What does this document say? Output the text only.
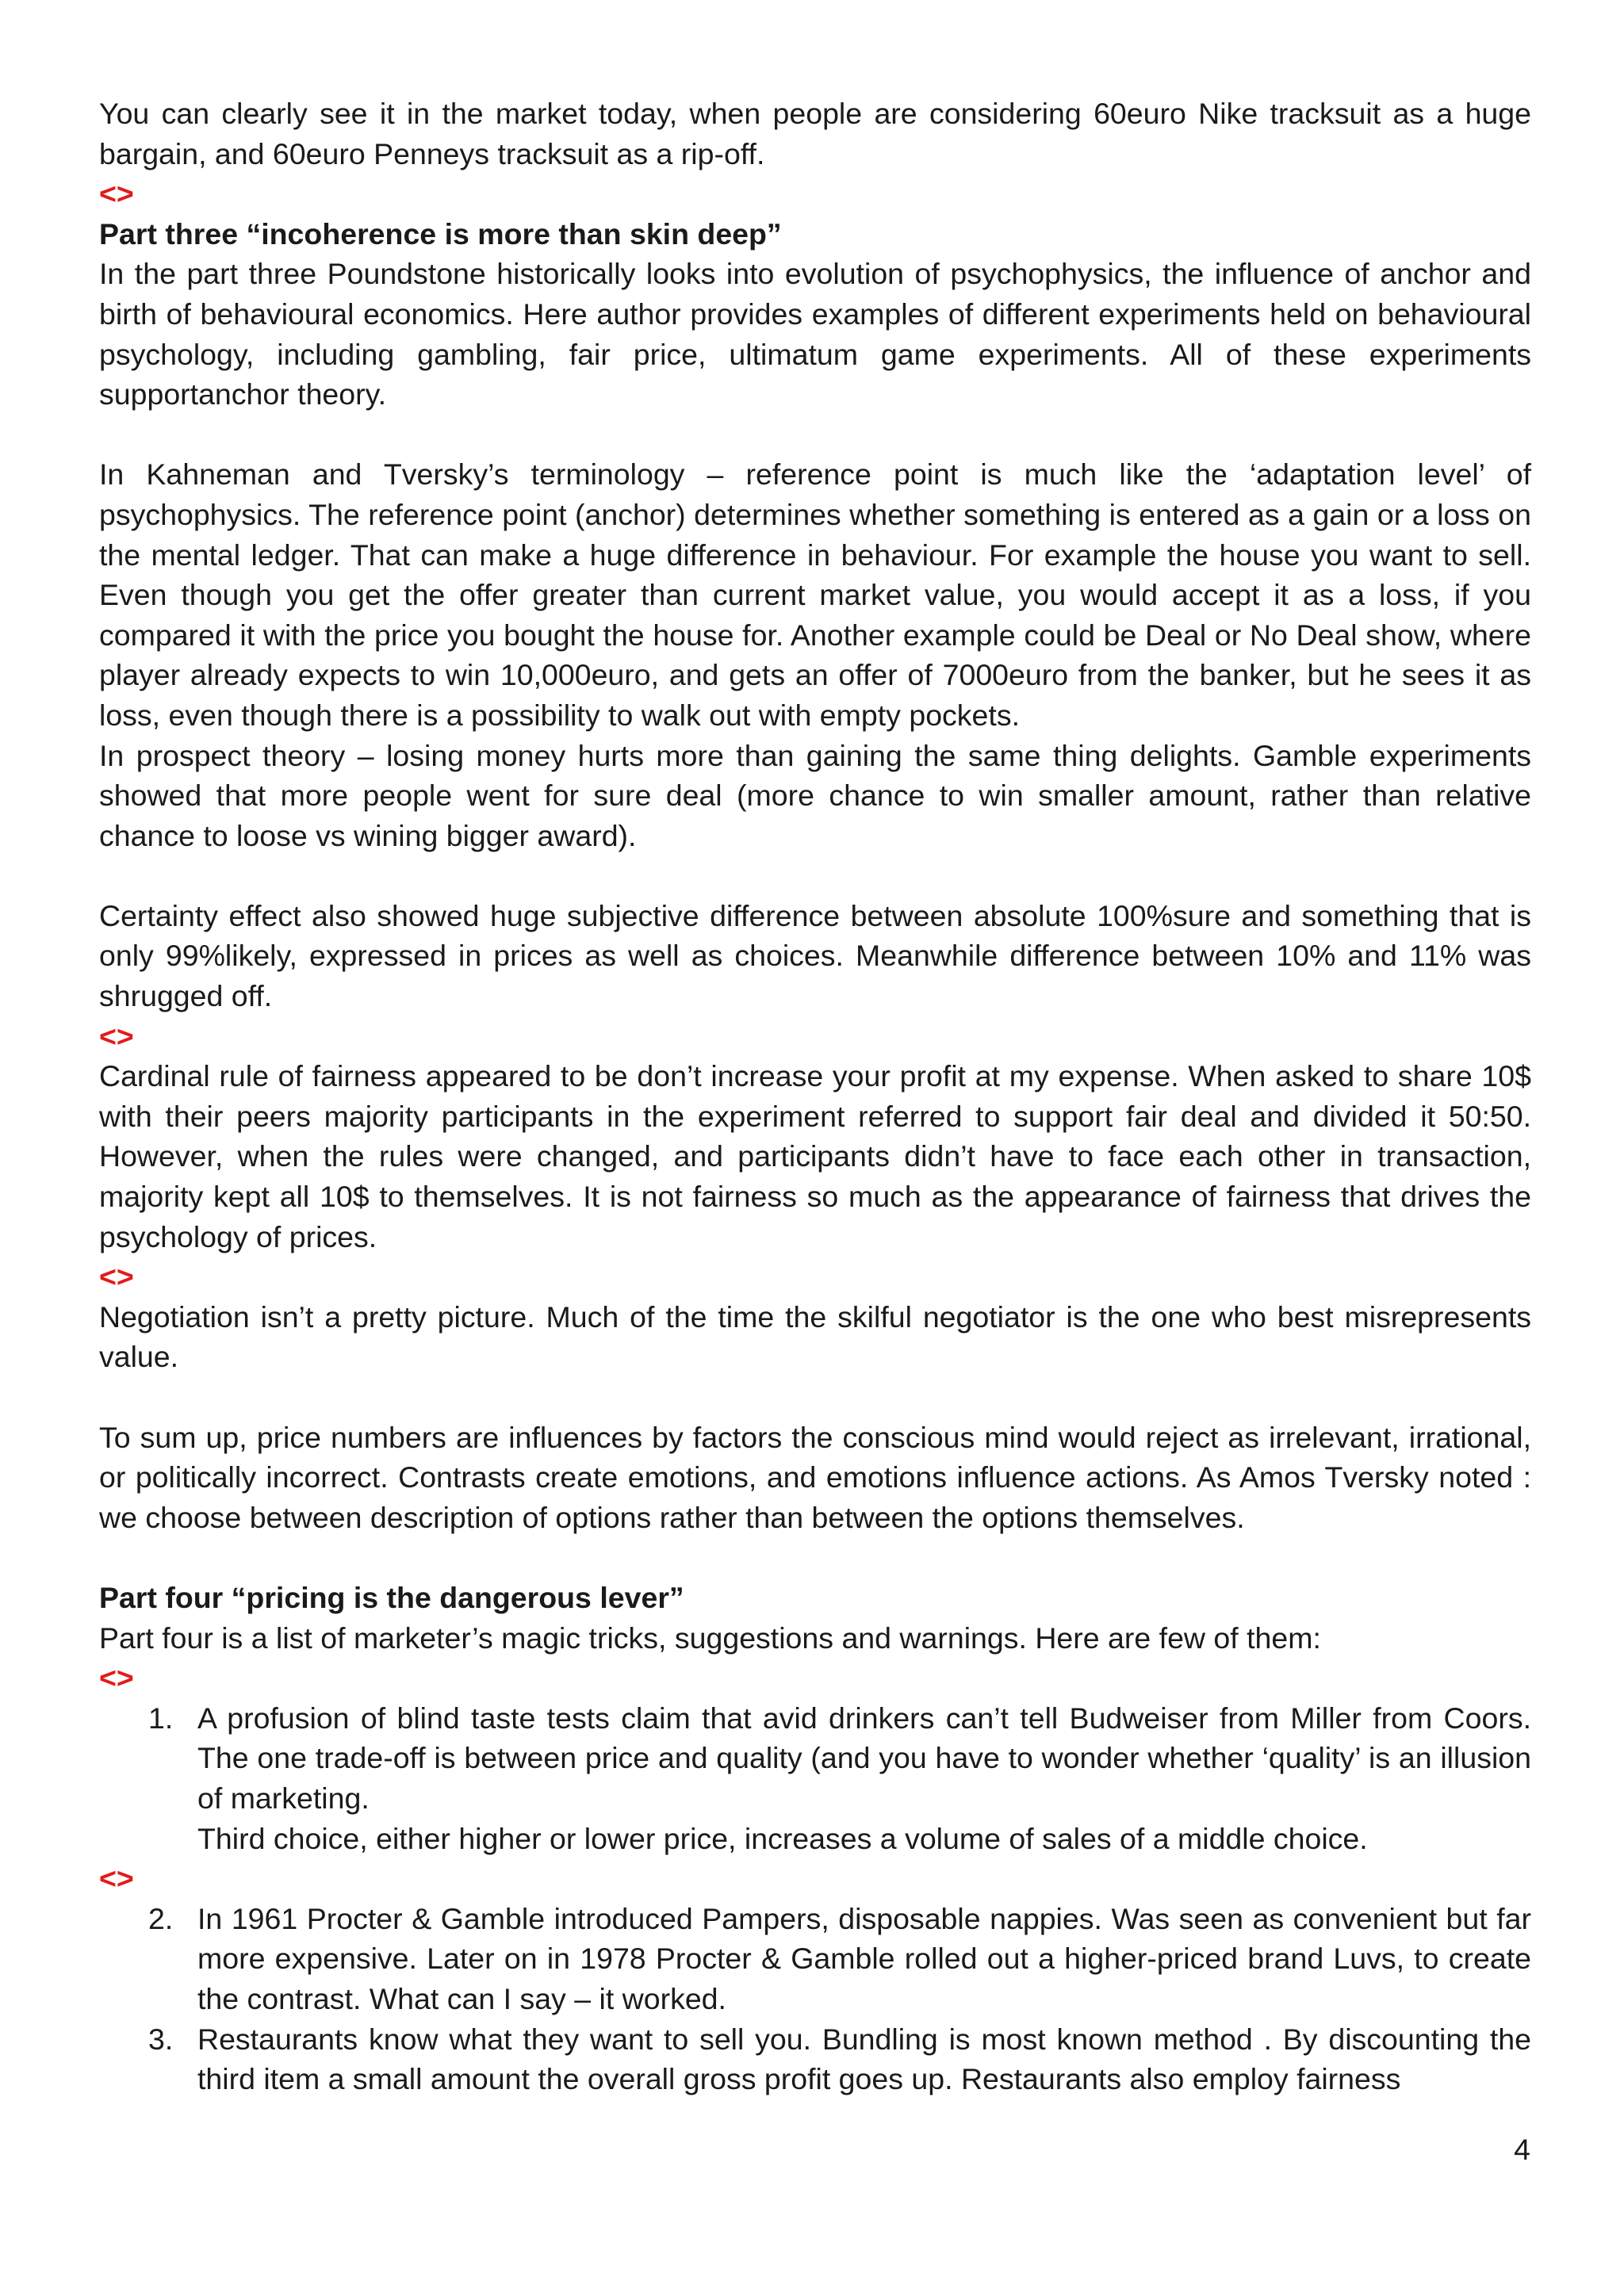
You can clearly see it in the market today, when people are considering 60euro Nike tracksuit as a huge bargain, and 60euro Penneys tracksuit as a rip-off.

<>
Part three “incoherence is more than skin deep”

In the part three Poundstone historically looks into evolution of psychophysics, the influence of anchor and birth of behavioural economics. Here author provides examples of different experiments held on behavioural psychology, including gambling, fair price, ultimatum game experiments. All of these experiments supportanchor theory.

In Kahneman and Tversky’s terminology – reference point is much like the ‘adaptation level’ of psychophysics. The reference point (anchor) determines whether something is entered as a gain or a loss on the mental ledger. That can make a huge difference in behaviour. For example the house you want to sell. Even though you get the offer greater than current market value, you would accept it as a loss, if you compared it with the price you bought the house for. Another example could be Deal or No Deal show, where player already expects to win 10,000euro, and gets an offer of 7000euro from the banker, but he sees it as loss, even though there is a possibility to walk out with empty pockets.

In prospect theory – losing money hurts more than gaining the same thing delights. Gamble experiments showed that more people went for sure deal (more chance to win smaller amount, rather than relative chance to loose vs wining bigger award).

Certainty effect also showed huge subjective difference between absolute 100%sure and something that is only 99%likely, expressed in prices as well as choices. Meanwhile difference between 10% and 11% was shrugged off.

<>

Cardinal rule of fairness appeared to be don’t increase your profit at my expense. When asked to share 10$ with their peers majority participants in the experiment referred to support fair deal and divided it 50:50. However, when the rules were changed, and participants didn’t have to face each other in transaction, majority kept all 10$ to themselves. It is not fairness so much as the appearance of fairness that drives the psychology of prices.

<>

Negotiation isn’t a pretty picture. Much of the time the skilful negotiator is the one who best misrepresents value.

To sum up, price numbers are influences by factors the conscious mind would reject as irrelevant, irrational, or politically incorrect. Contrasts create emotions, and emotions influence actions. As Amos Tversky noted : we choose between description of options rather than between the options themselves.

Part four “pricing is the dangerous lever”

Part four is a list of marketer’s magic tricks, suggestions and warnings. Here are few of them:

<>
1. A profusion of blind taste tests claim that avid drinkers can’t tell Budweiser from Miller from Coors. The one trade-off is between price and quality (and you have to wonder whether ‘quality’ is an illusion of marketing.
Third choice, either higher or lower price, increases a volume of sales of a middle choice.
<>
2. In 1961 Procter & Gamble introduced Pampers, disposable nappies. Was seen as convenient but far more expensive. Later on in 1978 Procter & Gamble rolled out a higher-priced brand Luvs, to create the contrast. What can I say – it worked.
3. Restaurants know what they want to sell you. Bundling is most known method . By discounting the third item a small amount the overall gross profit goes up. Restaurants also employ fairness
4
